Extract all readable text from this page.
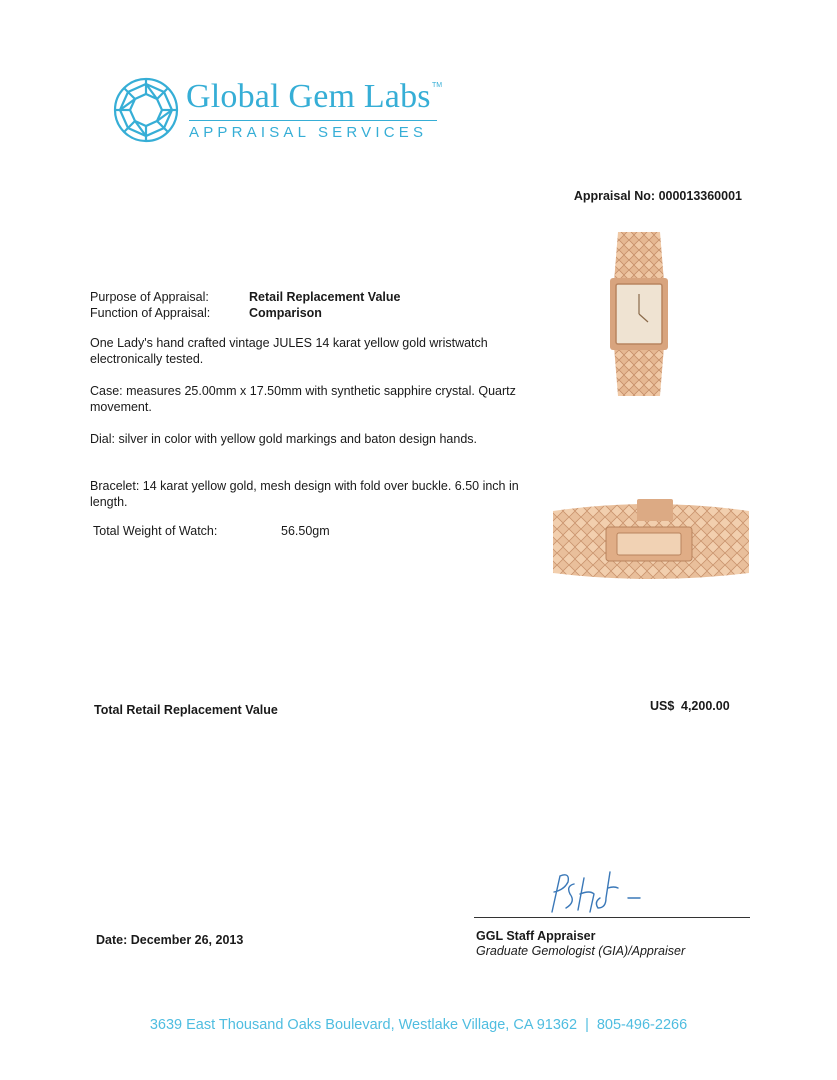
Global Gem Labs TM
APPRAISAL SERVICES
Appraisal No: 000013360001
Purpose of Appraisal:	Retail Replacement Value
Function of Appraisal:	Comparison
One Lady's hand crafted vintage JULES 14 karat yellow gold wristwatch electronically tested.
Case: measures 25.00mm x 17.50mm with synthetic sapphire crystal. Quartz movement.
Dial: silver in color with yellow gold markings and baton design hands.
Bracelet: 14 karat yellow gold, mesh design with fold over buckle. 6.50 inch in length.
Total Weight of Watch:	56.50gm
Total Retail Replacement Value	US$ 4,200.00
GGL Staff Appraiser
Graduate Gemologist (GIA)/Appraiser
Date: December 26, 2013
3639 East Thousand Oaks Boulevard, Westlake Village, CA 91362 | 805-496-2266
